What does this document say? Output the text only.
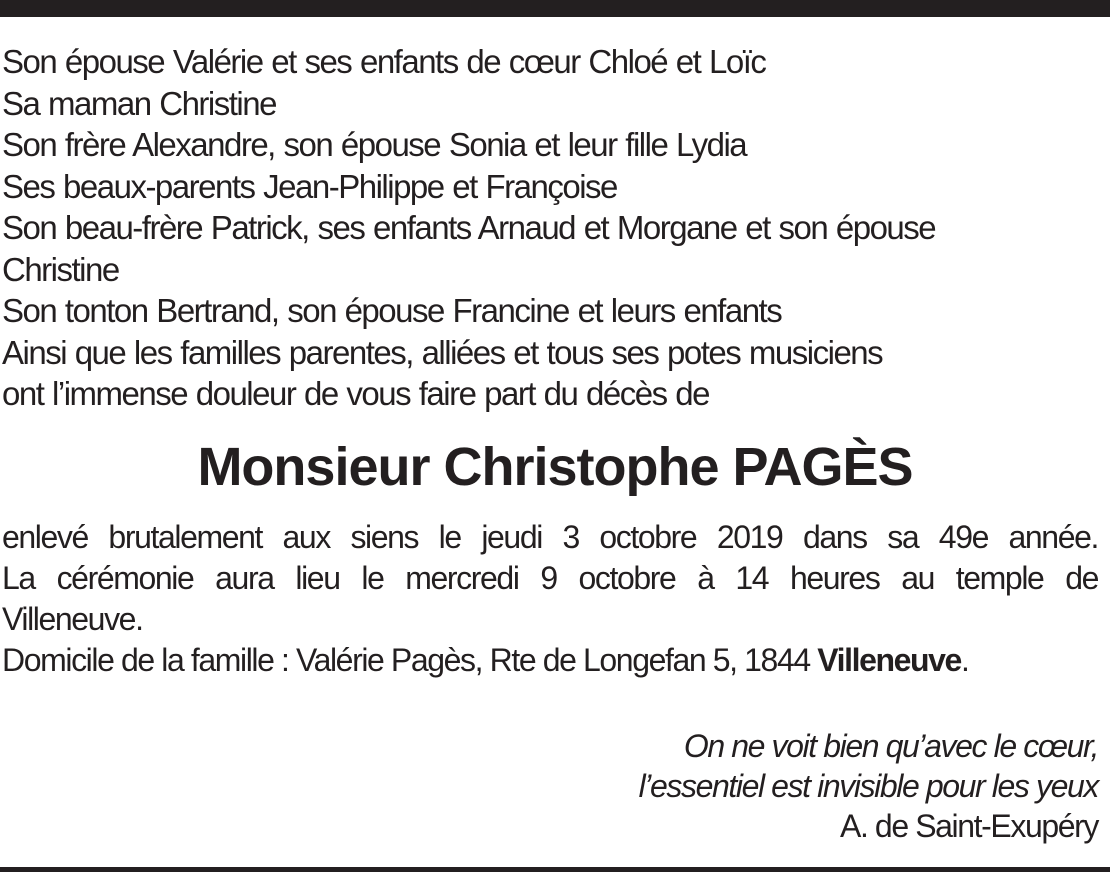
Son épouse Valérie et ses enfants de cœur Chloé et Loïc
Sa maman Christine
Son frère Alexandre, son épouse Sonia et leur fille Lydia
Ses beaux-parents Jean-Philippe et Françoise
Son beau-frère Patrick, ses enfants Arnaud et Morgane et son épouse
Christine
Son tonton Bertrand, son épouse Francine et leurs enfants
Ainsi que les familles parentes, alliées et tous ses potes musiciens
ont l’immense douleur de vous faire part du décès de
Monsieur Christophe PAGÈS
enlevé brutalement aux siens le jeudi 3 octobre 2019 dans sa 49e année.
La cérémonie aura lieu le mercredi 9 octobre à 14 heures au temple de
Villeneuve.
Domicile de la famille : Valérie Pagès, Rte de Longefan 5, 1844 Villeneuve.
On ne voit bien qu’avec le cœur,
l’essentiel est invisible pour les yeux
A. de Saint-Exupéry
